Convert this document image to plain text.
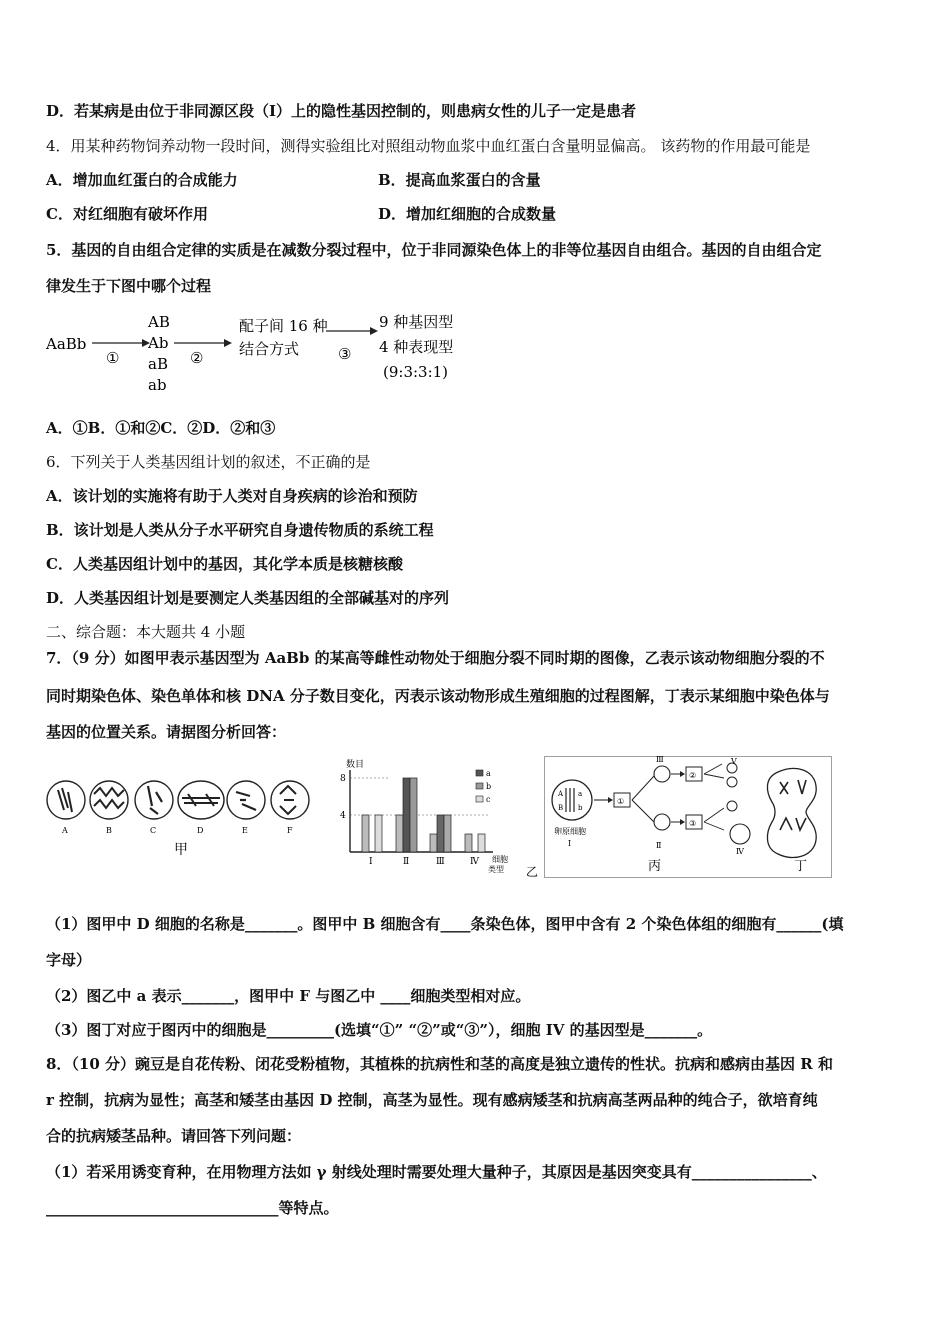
D．若某病是由位于非同源区段（Ⅰ）上的隐性基因控制的，则患病女性的儿子一定是患者
4．用某种药物饲养动物一段时间，测得实验组比对照组动物血浆中血红蛋白含量明显偏高。 该药物的作用最可能是
A．增加血红蛋白的合成能力	B．提高血浆蛋白的含量
C．对红细胞有破坏作用	D．增加红细胞的合成数量
5．基因的自由组合定律的实质是在减数分裂过程中，位于非同源染色体上的非等位基因自由组合。基因的自由组合定
律发生于下图中哪个过程
AaBb
①
AB
Ab
aB
ab
②
配子间 16 种
结合方式	③
9 种基因型
4 种表现型
(9:3:3:1)
A．①B．①和②C．②D．②和③
6．下列关于人类基因组计划的叙述，不正确的是
A．该计划的实施将有助于人类对自身疾病的诊治和预防
B．该计划是人类从分子水平研究自身遗传物质的系统工程
C．人类基因组计划中的基因，其化学本质是核糖核酸
D．人类基因组计划是要测定人类基因组的全部碱基对的序列
二、综合题：本大题共 4 小题
7．（9 分）如图甲表示基因型为 AaBb 的某高等雌性动物处于细胞分裂不同时期的图像，乙表示该动物细胞分裂的不
同时期染色体、染色单体和核 DNA 分子数目变化，丙表示该动物形成生殖细胞的过程图解，丁表示某细胞中染色体与
基因的位置关系。请据图分析回答：
A	B	C	D	E	F
甲
数目
8
4
Ⅰ	Ⅱ	Ⅲ	Ⅳ 细胞
类型
a
b
c
乙
A
B
a
b
卵原细胞
Ⅰ
①
Ⅲ
Ⅱ
②
③
Ⅴ
Ⅳ
丙	丁
（1）图甲中 D 细胞的名称是_______。图甲中 B 细胞含有____条染色体，图甲中含有 2 个染色体组的细胞有______(填
字母）
（2）图乙中 a 表示_______，图甲中 F 与图乙中 ____细胞类型相对应。
（3）图丁对应于图丙中的细胞是_________(选填“①” “②”或“③”），细胞 IV 的基因型是_______。
8．（10 分）豌豆是自花传粉、闭花受粉植物，其植株的抗病性和茎的高度是独立遗传的性状。抗病和感病由基因 R 和
r 控制，抗病为显性；高茎和矮茎由基因 D 控制，高茎为显性。现有感病矮茎和抗病高茎两品种的纯合子，欲培育纯
合的抗病矮茎品种。请回答下列问题：
（1）若采用诱变育种，在用物理方法如 γ 射线处理时需要处理大量种子，其原因是基因突变具有________________、
_______________________________等特点。
